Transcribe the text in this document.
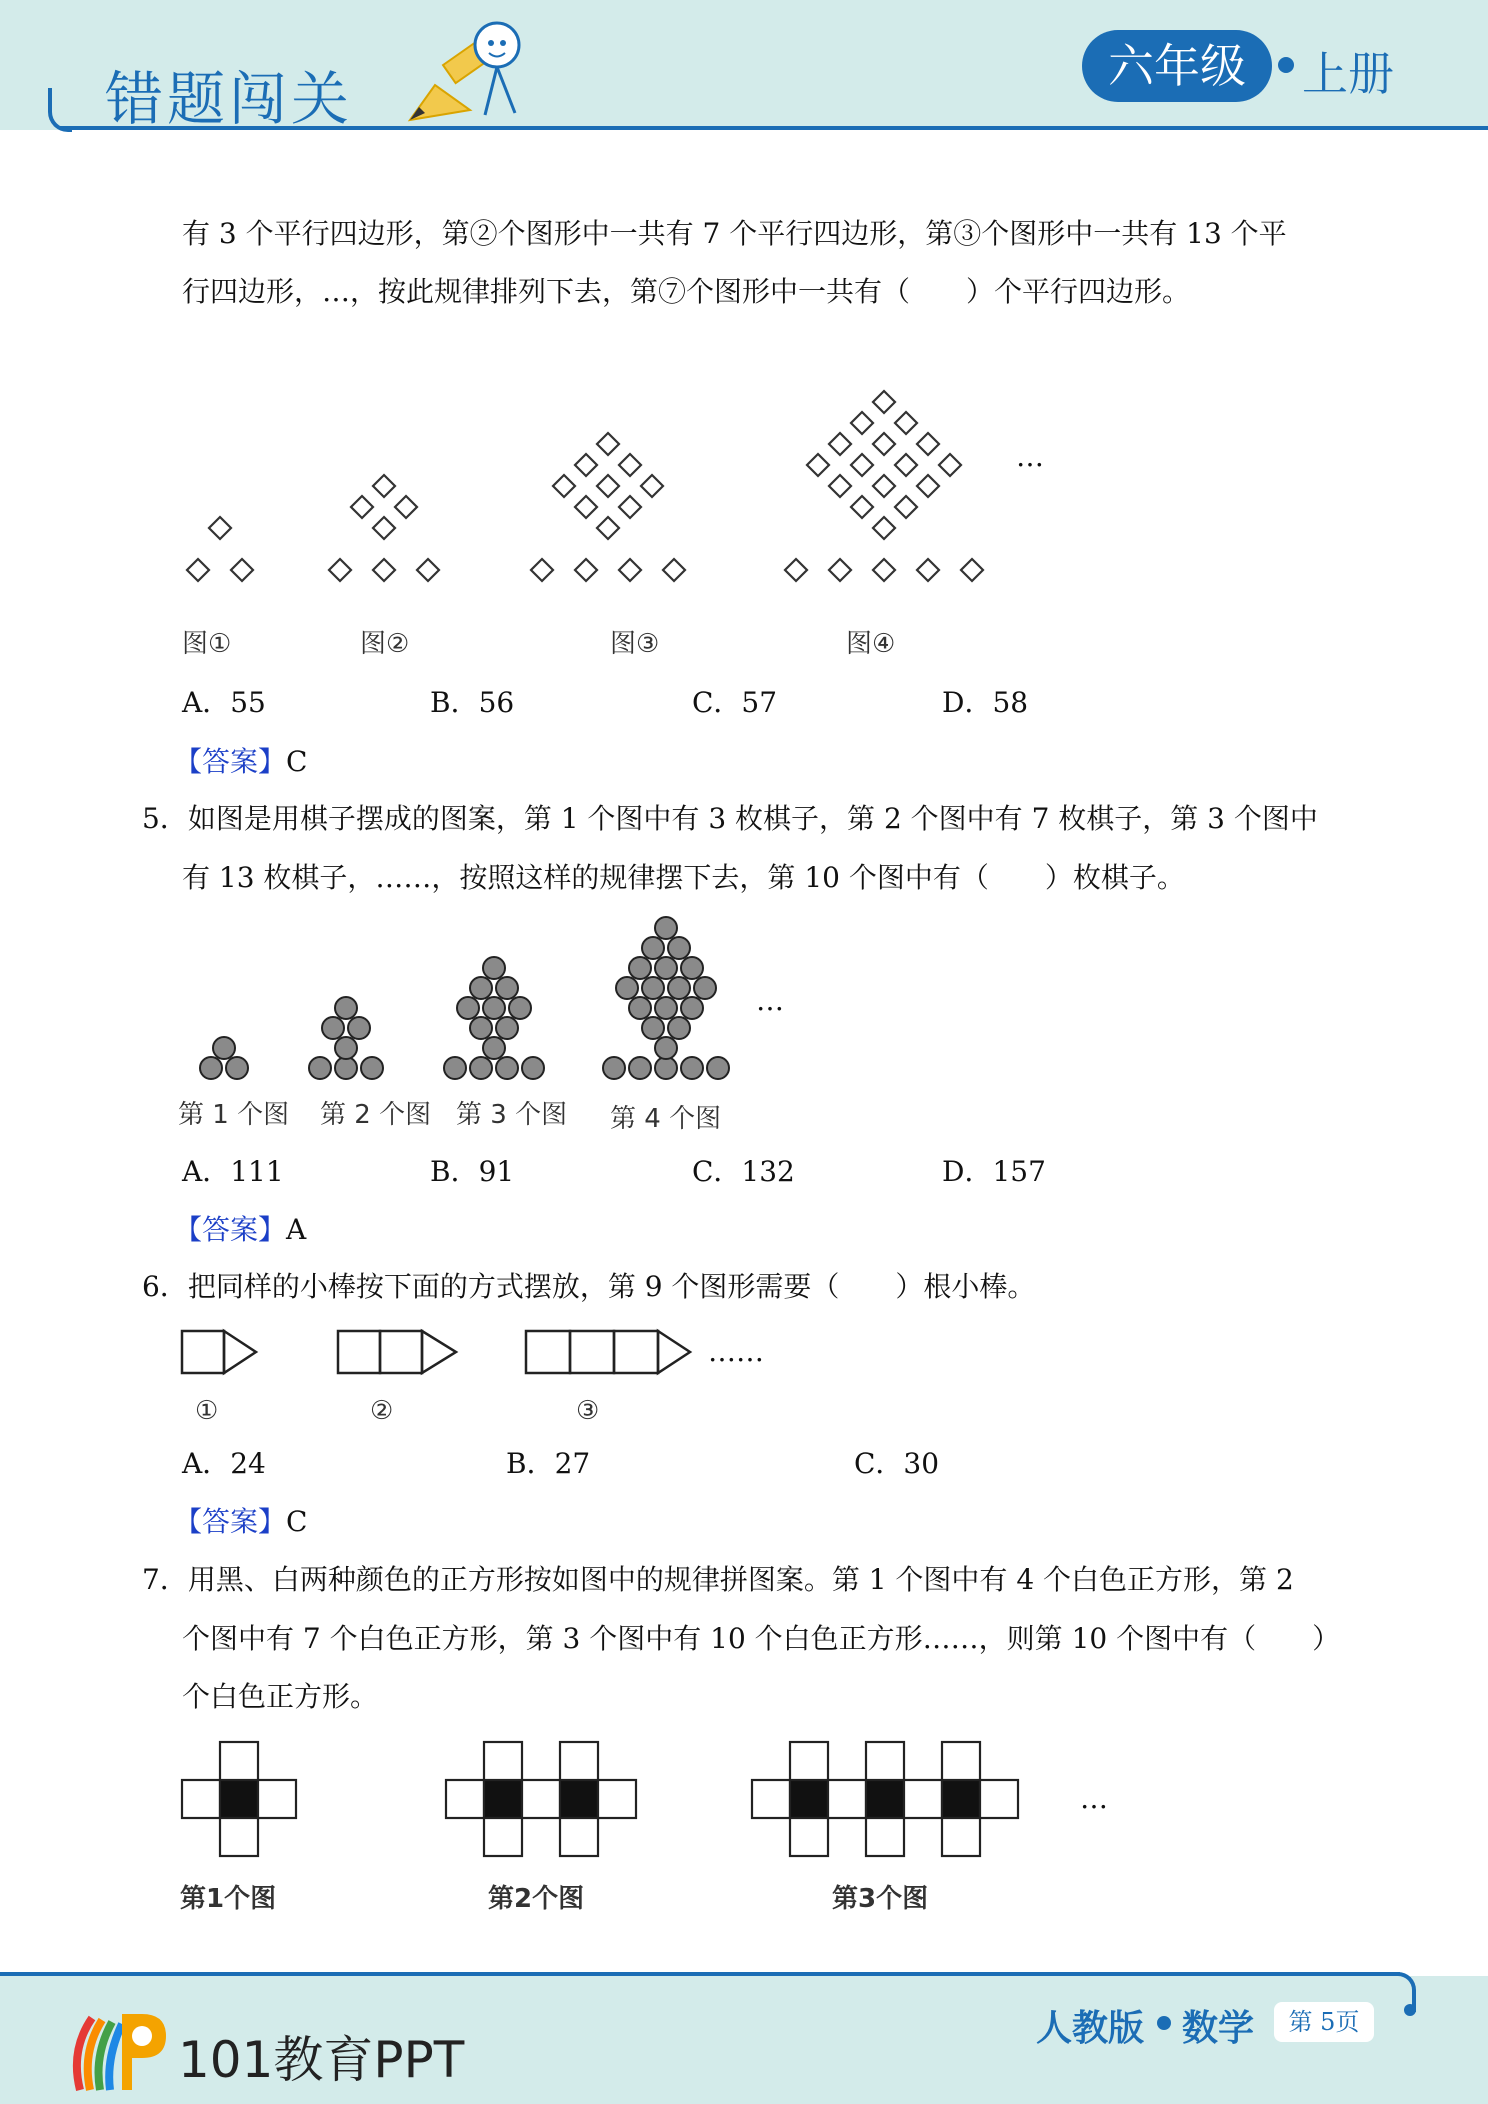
错题闯关	六年级	上册
有 3 个平行四边形，第②个图形中一共有 7 个平行四边形，第③个图形中一共有 13 个平
行四边形，…，按此规律排列下去，第⑦个图形中一共有（　　）个平行四边形。
图①	图②	图③	图④
…
A．55	B．56	C．57	D．58
【答案】C
5．如图是用棋子摆成的图案，第 1 个图中有 3 枚棋子，第 2 个图中有 7 枚棋子，第 3 个图中
有 13 枚棋子，……，按照这样的规律摆下去，第 10 个图中有（　　）枚棋子。
第 1 个图 第 2 个图 第 3 个图 第 4 个图
…
A．111	B．91	C．132	D．157
【答案】A
6．把同样的小棒按下面的方式摆放，第 9 个图形需要（　　）根小棒。
……
①	②	③
A．24	B．27	C．30
【答案】C
7．用黑、白两种颜色的正方形按如图中的规律拼图案。第 1 个图中有 4 个白色正方形，第 2
个图中有 7 个白色正方形，第 3 个图中有 10 个白色正方形……，则第 10 个图中有（　　）
个白色正方形。
…
第1个图	第2个图	第3个图
101教育PPT
人教版 数学	第 5页
